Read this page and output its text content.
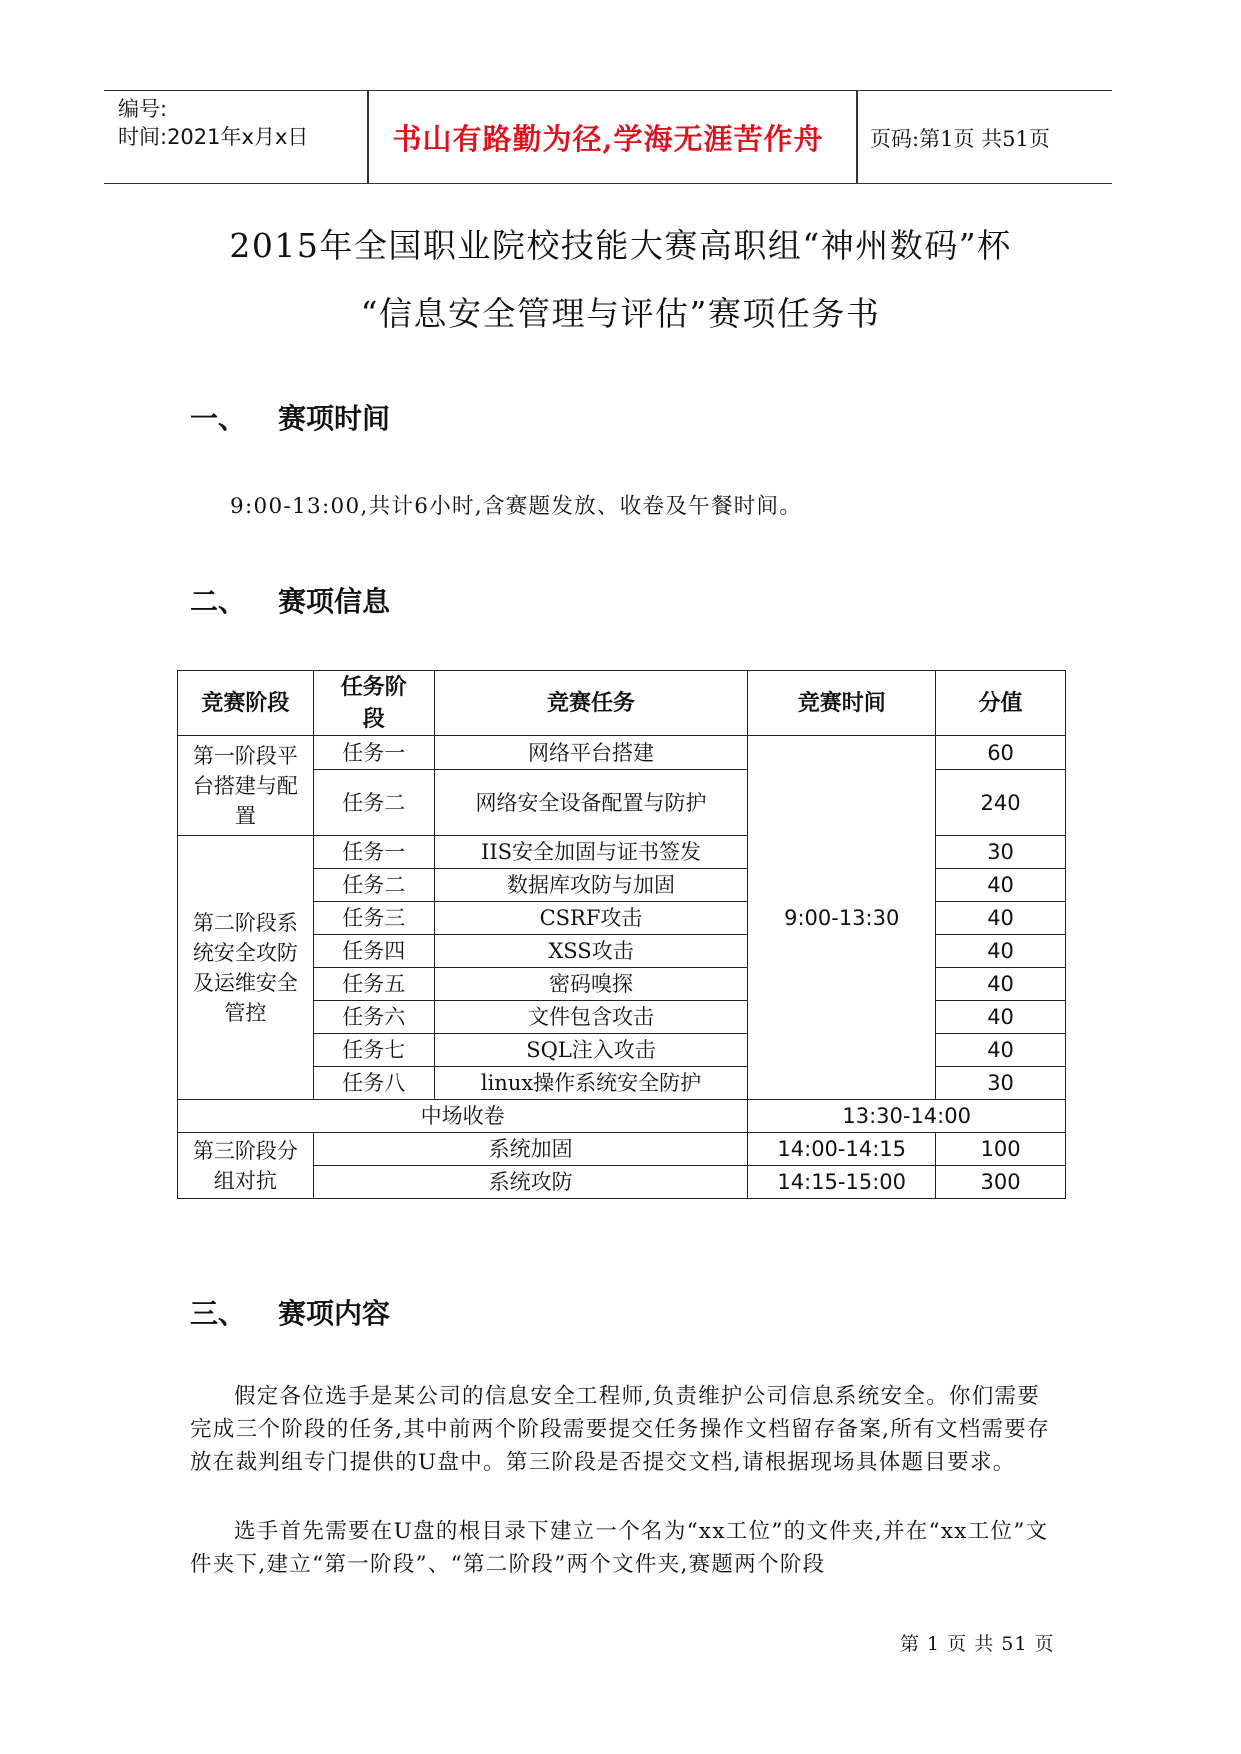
编号:
时间:2021年x月x日	书山有路勤为径,学海无涯苦作舟	页码:第1页 共51页
2015年全国职业院校技能大赛高职组“神州数码”杯
“信息安全管理与评估”赛项任务书
一、 赛项时间
9:00-13:00,共计6小时,含赛题发放、收卷及午餐时间。
二、 赛项信息
竞赛阶段	任务阶段	竞赛任务	竞赛时间	分值
第一阶段平台搭建与配置	任务一	网络平台搭建	9:00-13:30	60
	任务二	网络安全设备配置与防护		240
第二阶段系统安全攻防及运维安全管控	任务一	IIS安全加固与证书签发		30
	任务二	数据库攻防与加固		40
	任务三	CSRF攻击		40
	任务四	XSS攻击		40
	任务五	密码嗅探		40
	任务六	文件包含攻击		40
	任务七	SQL注入攻击		40
	任务八	linux操作系统安全防护		30
中场收卷			13:30-14:00	
第三阶段分组对抗	系统加固		14:00-14:15	100
	系统攻防		14:15-15:00	300
三、 赛项内容
假定各位选手是某公司的信息安全工程师,负责维护公司信息系统安全。你们需要完成三个阶段的任务,其中前两个阶段需要提交任务操作文档留存备案,所有文档需要存放在裁判组专门提供的U盘中。第三阶段是否提交文档,请根据现场具体题目要求。
选手首先需要在U盘的根目录下建立一个名为“xx工位”的文件夹,并在“xx工位”文件夹下,建立“第一阶段”、“第二阶段”两个文件夹,赛题两个阶段
第 1 页 共 51 页
